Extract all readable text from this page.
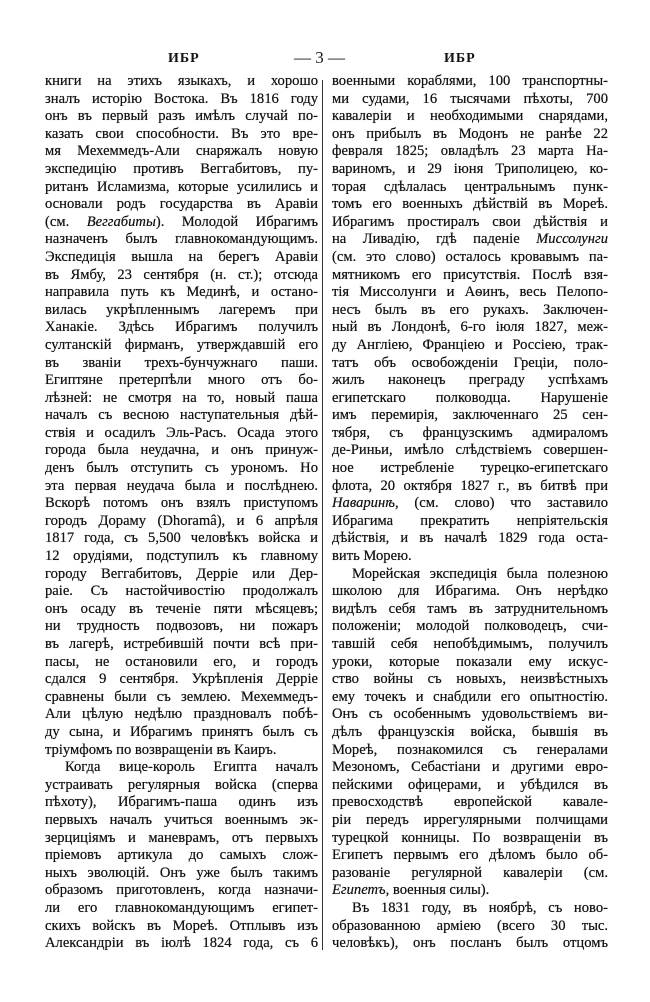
ИБР	— 3 —	ИБР
книги на этихъ языкахъ, и хорошо
зналъ исторію Востока. Въ 1816 году
онъ въ первый разъ имѣлъ случай по-
казать свои способности. Въ это вре-
мя Мехеммедъ-Али снаряжалъ новую
экспедицію противъ Веггабитовъ, пу-
ританъ Исламизма, которые усилились и
основали родъ государства въ Аравіи
(см. Веггабиты). Молодой Ибрагимъ
назначенъ былъ главнокомандующимъ.
Экспедиція вышла на берегъ Аравіи
въ Ямбу, 23 сентября (н. ст.); отсюда
направила путь къ Мединѣ, и остано-
вилась укрѣпленнымъ лагеремъ при
Ханакіе. Здѣсь Ибрагимъ получилъ
султанскій фирманъ, утверждавшій его
въ званіи трехъ-бунчужнаго паши.
Египтяне претерпѣли много отъ бо-
лѣзней: не смотря на то, новый паша
началъ съ весною наступательныя дѣй-
ствія и осадилъ Эль-Расъ. Осада этого
города была неудачна, и онъ принуж-
денъ былъ отступить съ урономъ. Но
эта первая неудача была и послѣднею.
Вскорѣ потомъ онъ взялъ приступомъ
городъ Дораму (Dhoramâ), и 6 апрѣля
1817 года, съ 5,500 человѣкъ войска и
12 орудіями, подступилъ къ главному
городу Веггабитовъ, Дерріе или Дер-
раіе. Съ настойчивостію продолжалъ
онъ осаду въ теченіе пяти мѣсяцевъ;
ни трудность подвозовъ, ни пожаръ
въ лагерѣ, истребившій почти всѣ при-
пасы, не остановили его, и городъ
сдался 9 сентября. Укрѣпленія Дерріе
сравнены были съ землею. Мехеммедъ-
Али цѣлую недѣлю праздновалъ побѣ-
ду сына, и Ибрагимъ принятъ былъ съ
тріумфомъ по возвращеніи въ Каиръ.
Когда вице-король Египта началъ
устраивать регулярныя войска (сперва
пѣхоту), Ибрагимъ-паша одинъ изъ
первыхъ началъ учиться военнымъ эк-
зерциціямъ и маневрамъ, отъ первыхъ
пріемовъ артикула до самыхъ слож-
ныхъ эволюцій. Онъ уже былъ такимъ
образомъ приготовленъ, когда назначи-
ли его главнокомандующимъ египет-
скихъ войскъ въ Мореѣ. Отплывъ изъ
Александріи въ іюлѣ 1824 года, съ 6
военными кораблями, 100 транспортны-
ми судами, 16 тысячами пѣхоты, 700
кавалеріи и необходимыми снарядами,
онъ прибылъ въ Модонъ не ранѣе 22
февраля 1825; овладѣлъ 23 марта На-
вариномъ, и 29 іюня Триполицею, ко-
торая сдѣлалась центральнымъ пунк-
томъ его военныхъ дѣйствій въ Мореѣ.
Ибрагимъ простиралъ свои дѣйствія и
на Ливадію, гдѣ паденіе Миссолунги
(см. это слово) осталось кровавымъ па-
мятникомъ его присутствія. Послѣ взя-
тія Миссолунги и Аѳинъ, весь Пелопо-
несъ былъ въ его рукахъ. Заключен-
ный въ Лондонѣ, 6-го іюля 1827, меж-
ду Англіею, Франціею и Россіею, трак-
татъ объ освобожденіи Греціи, поло-
жилъ наконецъ преграду успѣхамъ
египетскаго полководца. Нарушеніе
имъ перемирія, заключеннаго 25 сен-
тября, съ французскимъ адмираломъ
де-Риньи, имѣло слѣдствіемъ совершен-
ное истребленіе турецко-египетскаго
флота, 20 октября 1827 г., въ битвѣ при
Наваринѣ, (см. слово) что заставило
Ибрагима прекратить непріятельскія
дѣйствія, и въ началѣ 1829 года оста-
вить Морею.
Морейская экспедиція была полезною
школою для Ибрагима. Онъ нерѣдко
видѣлъ себя тамъ въ затруднительномъ
положеніи; молодой полководецъ, счи-
тавшій себя непобѣдимымъ, получилъ
уроки, которые показали ему искус-
ство войны съ новыхъ, неизвѣстныхъ
ему точекъ и снабдили его опытностію.
Онъ съ особеннымъ удовольствіемъ ви-
дѣлъ французскія войска, бывшія въ
Мореѣ, познакомился съ генералами
Мезономъ, Себастіани и другими евро-
пейскими офицерами, и убѣдился въ
превосходствѣ европейской кавале-
ріи передъ иррегулярными полчищами
турецкой конницы. По возвращеніи въ
Египетъ первымъ его дѣломъ было об-
разованіе регулярной кавалеріи (см.
Египетъ, военныя силы).
Въ 1831 году, въ ноябрѣ, съ ново-
образованною арміею (всего 30 тыс.
человѣкъ), онъ посланъ былъ отцомъ
